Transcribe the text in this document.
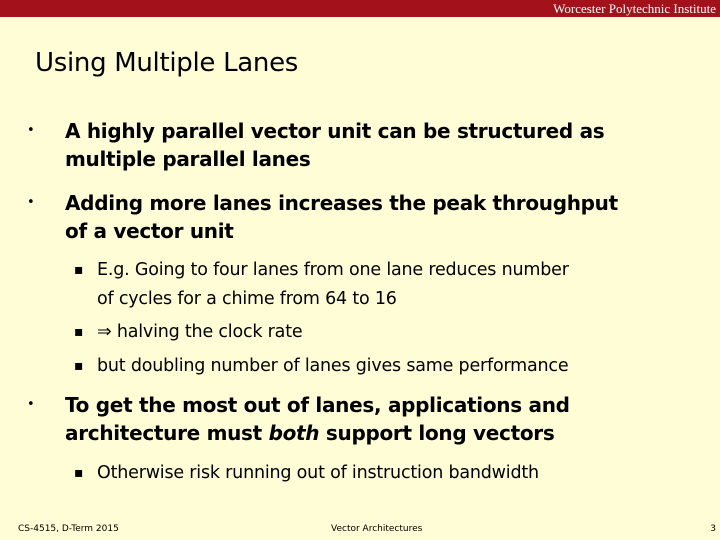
Worcester Polytechnic Institute
Using Multiple Lanes
• A highly parallel vector unit can be structured as
multiple parallel lanes
• Adding more lanes increases the peak throughput
of a vector unit
▪ E.g. Going to four lanes from one lane reduces number
of cycles for a chime from 64 to 16
▪ ⇒ halving the clock rate
▪ but doubling number of lanes gives same performance
• To get the most out of lanes, applications and
architecture must both support long vectors
▪ Otherwise risk running out of instruction bandwidth
CS-4515, D-Term 2015	Vector Architectures	3
